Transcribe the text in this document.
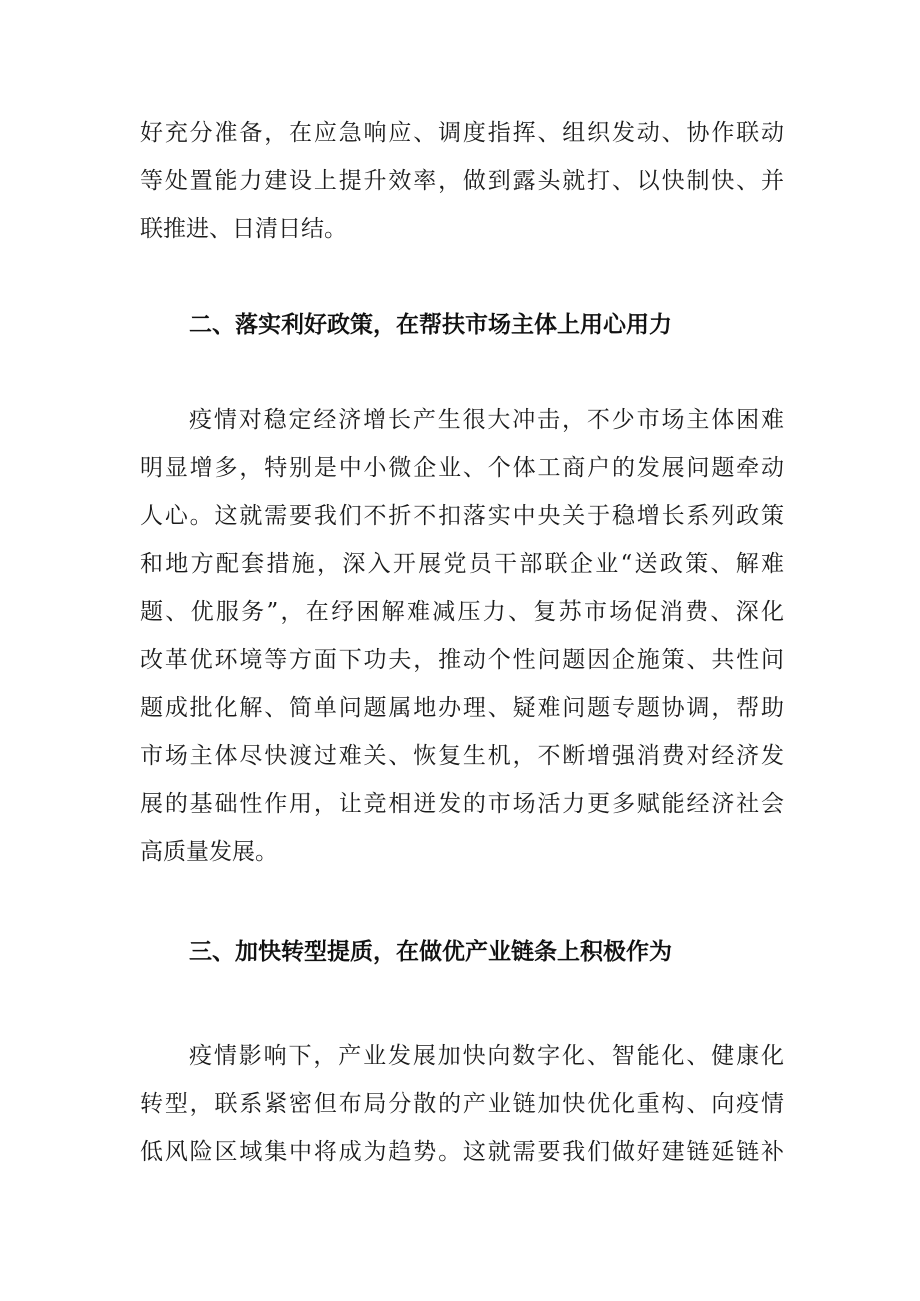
好充分准备，在应急响应、调度指挥、组织发动、协作联动
等处置能力建设上提升效率，做到露头就打、以快制快、并
联推进、日清日结。
二、落实利好政策，在帮扶市场主体上用心用力
疫情对稳定经济增长产生很大冲击，不少市场主体困难
明显增多，特别是中小微企业、个体工商户的发展问题牵动
人心。这就需要我们不折不扣落实中央关于稳增长系列政策
和地方配套措施，深入开展党员干部联企业“送政策、解难
题、优服务”，在纾困解难减压力、复苏市场促消费、深化
改革优环境等方面下功夫，推动个性问题因企施策、共性问
题成批化解、简单问题属地办理、疑难问题专题协调，帮助
市场主体尽快渡过难关、恢复生机，不断增强消费对经济发
展的基础性作用，让竞相迸发的市场活力更多赋能经济社会
高质量发展。
三、加快转型提质，在做优产业链条上积极作为
疫情影响下，产业发展加快向数字化、智能化、健康化
转型，联系紧密但布局分散的产业链加快优化重构、向疫情
低风险区域集中将成为趋势。这就需要我们做好建链延链补
